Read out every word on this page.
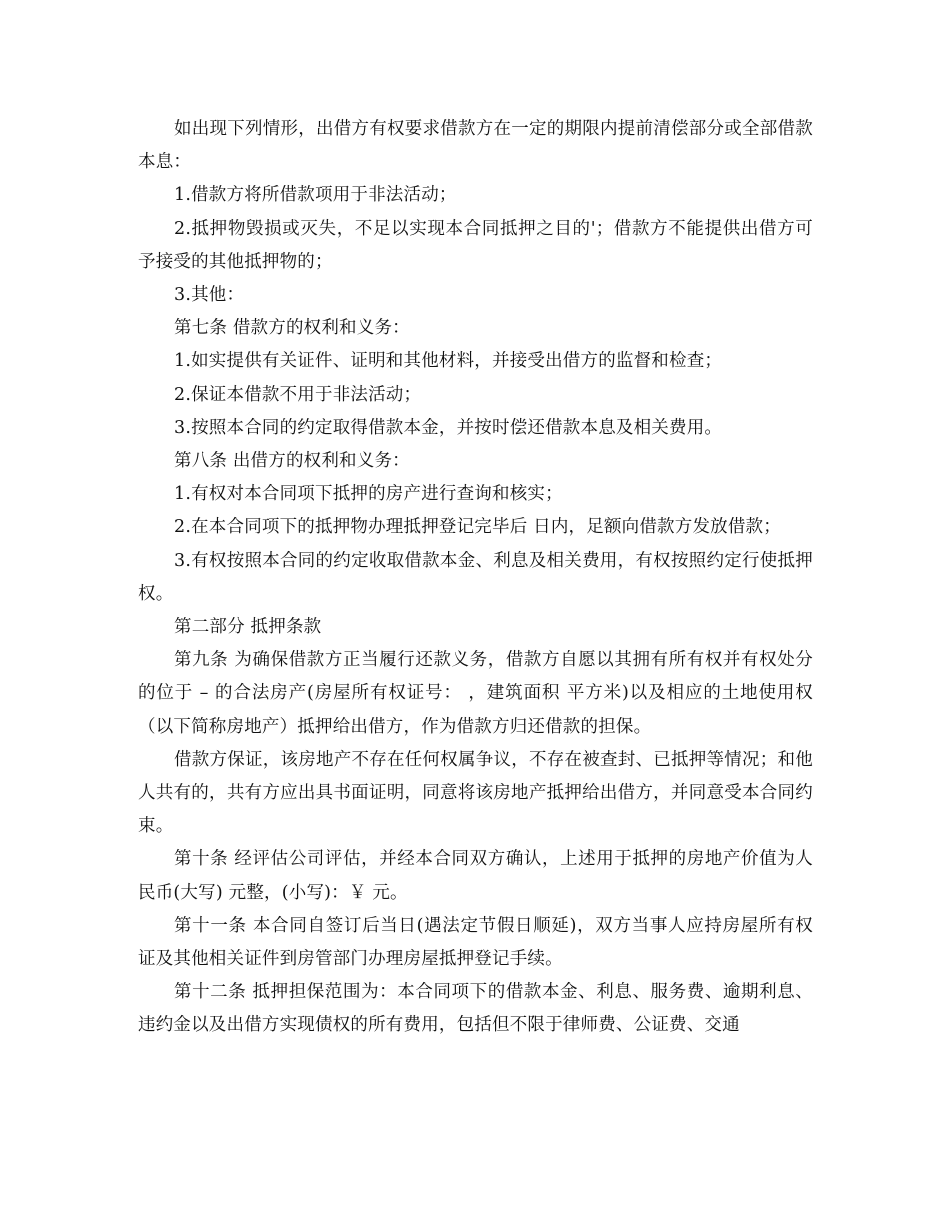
如出现下列情形，出借方有权要求借款方在一定的期限内提前清偿部分或全部借款本息：

1.借款方将所借款项用于非法活动；

2.抵押物毁损或灭失，不足以实现本合同抵押之目的'；借款方不能提供出借方可予接受的其他抵押物的；

3.其他：

第七条 借款方的权利和义务：

1.如实提供有关证件、证明和其他材料，并接受出借方的监督和检查；

2.保证本借款不用于非法活动；

3.按照本合同的约定取得借款本金，并按时偿还借款本息及相关费用。

第八条 出借方的权利和义务：

1.有权对本合同项下抵押的房产进行查询和核实；

2.在本合同项下的抵押物办理抵押登记完毕后 日内，足额向借款方发放借款；

3.有权按照本合同的约定收取借款本金、利息及相关费用，有权按照约定行使抵押权。

第二部分 抵押条款

第九条 为确保借款方正当履行还款义务，借款方自愿以其拥有所有权并有权处分的位于 – 的合法房产(房屋所有权证号： ，建筑面积 平方米)以及相应的土地使用权（以下简称房地产）抵押给出借方，作为借款方归还借款的担保。

借款方保证，该房地产不存在任何权属争议，不存在被查封、已抵押等情况；和他人共有的，共有方应出具书面证明，同意将该房地产抵押给出借方，并同意受本合同约束。

第十条 经评估公司评估，并经本合同双方确认，上述用于抵押的房地产价值为人民币(大写) 元整，(小写)：￥ 元。

第十一条 本合同自签订后当日(遇法定节假日顺延)，双方当事人应持房屋所有权证及其他相关证件到房管部门办理房屋抵押登记手续。

第十二条 抵押担保范围为：本合同项下的借款本金、利息、服务费、逾期利息、违约金以及出借方实现债权的所有费用，包括但不限于律师费、公证费、交通
